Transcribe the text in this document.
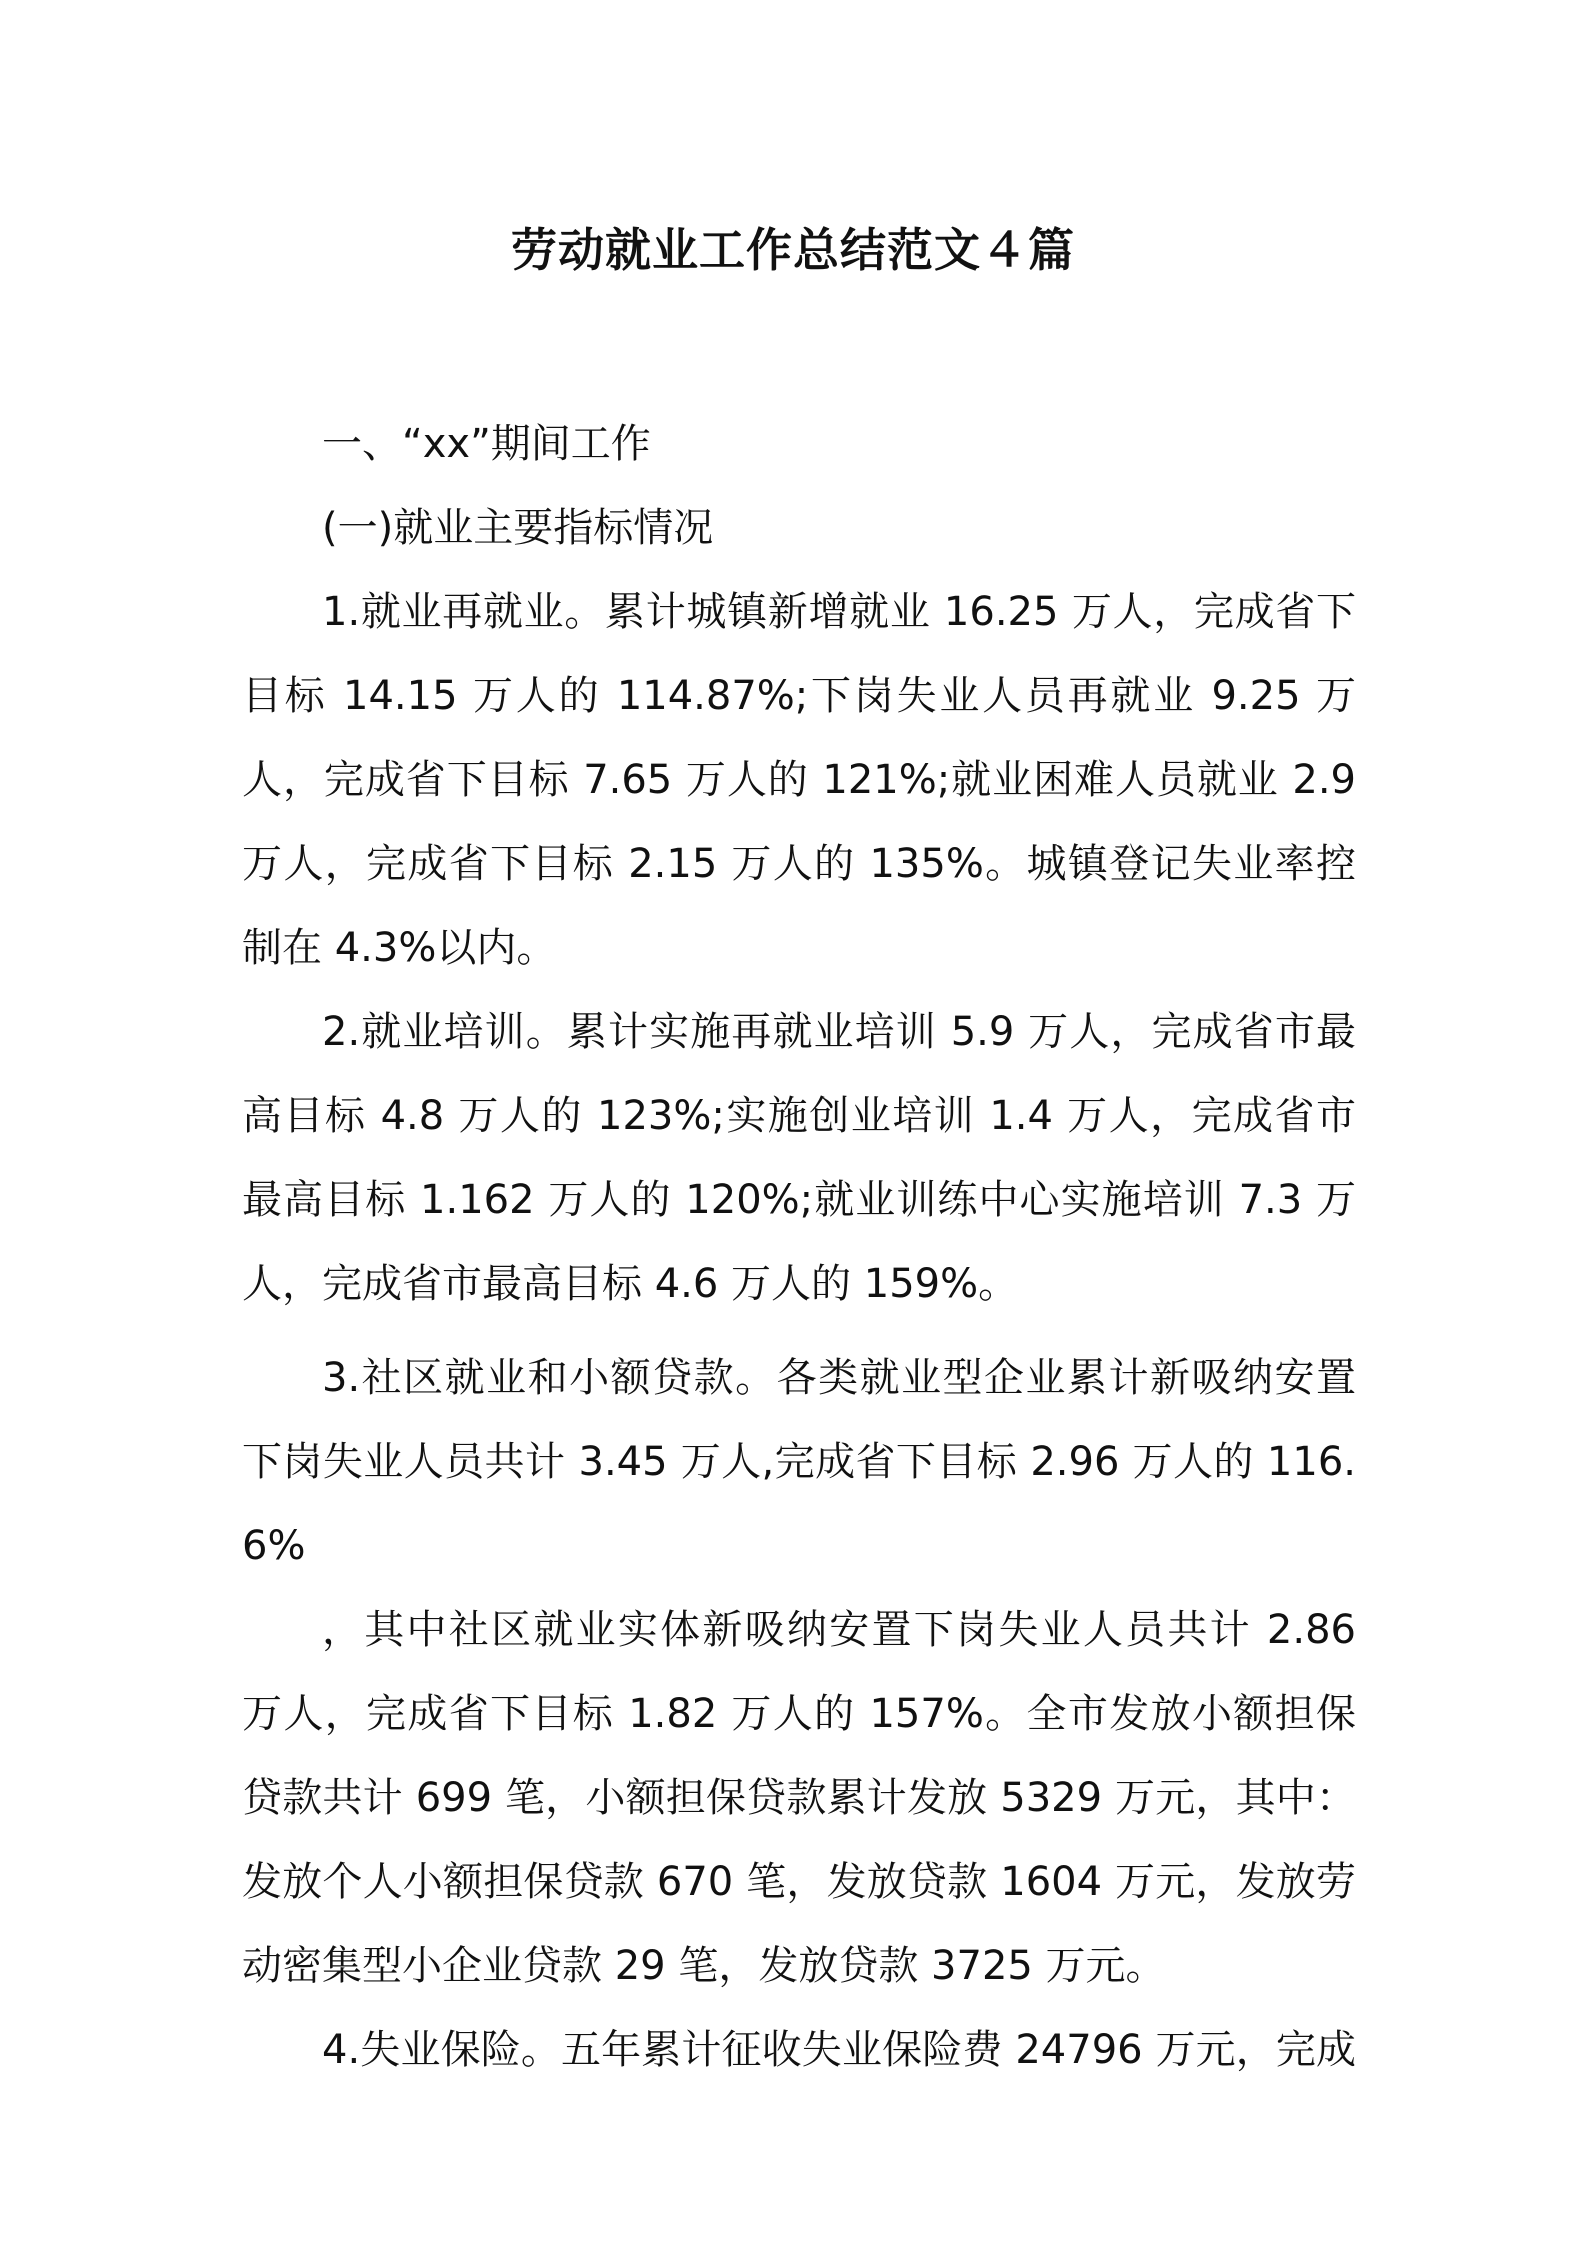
劳动就业工作总结范文４篇

一、“xx”期间工作

(一)就业主要指标情况

1.就业再就业。累计城镇新增就业 16.25 万人，完成省下目标 14.15 万人的 114.87%;下岗失业人员再就业 9.25 万人，完成省下目标 7.65 万人的 121%;就业困难人员就业 2.9 万人，完成省下目标 2.15 万人的 135%。城镇登记失业率控制在 4.3%以内。

2.就业培训。累计实施再就业培训 5.9 万人，完成省市最高目标 4.8 万人的 123%;实施创业培训 1.4 万人，完成省市最高目标 1.162 万人的 120%;就业训练中心实施培训 7.3 万人，完成省市最高目标 4.6 万人的 159%。

3.社区就业和小额贷款。各类就业型企业累计新吸纳安置下岗失业人员共计 3.45 万人,完成省下目标 2.96 万人的 116.6%

，其中社区就业实体新吸纳安置下岗失业人员共计 2.86 万人，完成省下目标 1.82 万人的 157%。全市发放小额担保贷款共计 699 笔，小额担保贷款累计发放 5329 万元，其中：发放个人小额担保贷款 670 笔，发放贷款 1604 万元，发放劳动密集型小企业贷款 29 笔，发放贷款 3725 万元。

4.失业保险。五年累计征收失业保险费 24796 万元，完成
